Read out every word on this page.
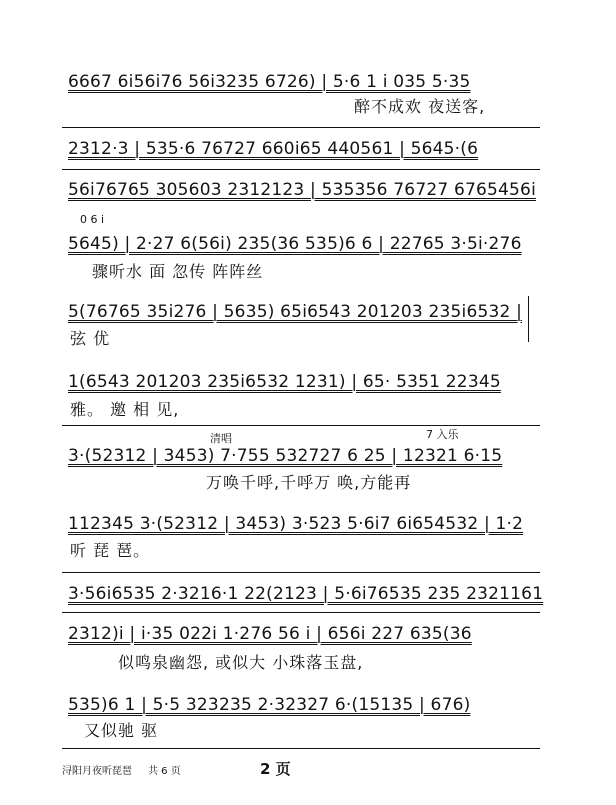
6667 6i56i76 56i3235 6726) | 5·6 1 i 035 5·35
醉不成欢 夜送客,
2312·3 | 535·6 76727 660i65 440561 | 5645·(6
56i76765 305603 2312123 | 535356 76727 6765456i
0 6 i
5645) | 2·27 6(56i) 235(36 535)6 6 | 22765 3·5i·276
骤听水 面 忽传 阵阵丝
5(76765 35i276 | 5635) 65i6543 201203 235i6532 |
弦 优
1(6543 201203 235i6532 1231) | 65· 5351 22345
雅。 邀 相 见,
清唱	7 入乐
3·(52312 | 3453) 7·755 532727 6 25 | 12321 6·15
万唤千呼,千呼万 唤,方能再
112345 3·(52312 | 3453) 3·523 5·6i7 6i654532 | 1·2
听 琵 琶。
3·56i6535 2·3216·1 22(2123 | 5·6i76535 235 2321161
2312)i | i·35 022i 1·276 56 i | 656i 227 635(36
似鸣泉幽怨, 或似大 小珠落玉盘,
535)6 1 | 5·5 323235 2·32327 6·(15135 | 676)
又似驰 驱
浔阳月夜听琵琶 共 6 页	2 页
